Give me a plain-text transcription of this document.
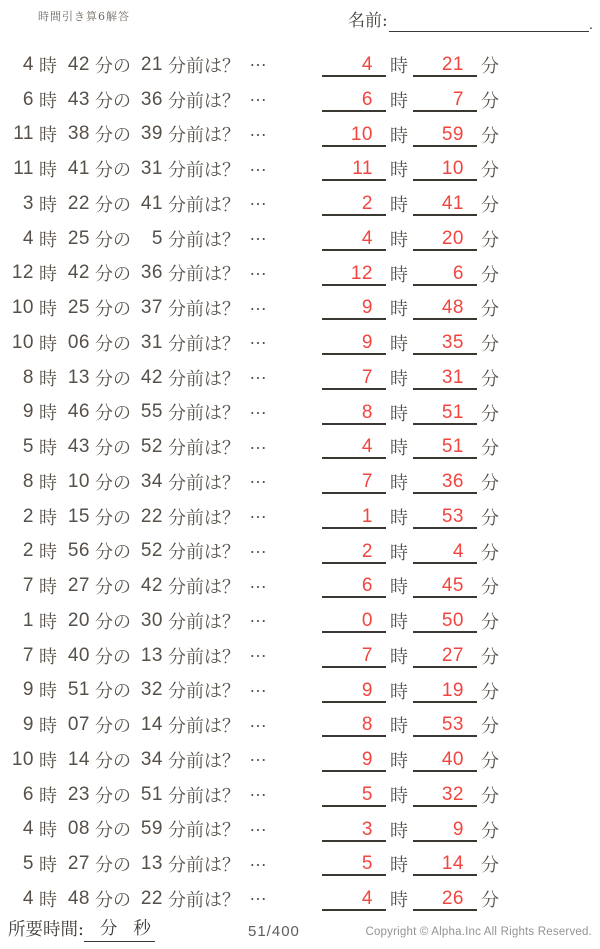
時間引き算6解答	名前:	.
4 時 42 分の 21 分前は？ …	4 時 21 分
6 時 43 分の 36 分前は？ …	6 時 7 分
11 時 38 分の 39 分前は？ …	10 時 59 分
11 時 41 分の 31 分前は？ …	11 時 10 分
3 時 22 分の 41 分前は？ …	2 時 41 分
4 時 25 分の	5 分前は？ …	4 時 20 分
12 時 42 分の 36 分前は？ …	12 時 6 分
10 時 25 分の 37 分前は？ …	9 時 48 分
10 時 06 分の 31 分前は？ …	9 時 35 分
8 時 13 分の 42 分前は？ …	7 時 31 分
9 時 46 分の 55 分前は？ …	8 時 51 分
5 時 43 分の 52 分前は？ …	4 時 51 分
8 時 10 分の 34 分前は？ …	7 時 36 分
2 時 15 分の 22 分前は？ …	1 時 53 分
2 時 56 分の 52 分前は？ …	2 時 4 分
7 時 27 分の 42 分前は？ …	6 時 45 分
1 時 20 分の 30 分前は？ …	0 時 50 分
7 時 40 分の 13 分前は？ …	7 時 27 分
9 時 51 分の 32 分前は？ …	9 時 19 分
9 時 07 分の 14 分前は？ …	8 時 53 分
10 時 14 分の 34 分前は？ …	9 時 40 分
6 時 23 分の 51 分前は？ …	5 時 32 分
4 時 08 分の 59 分前は？ …	3 時 9 分
5 時 27 分の 13 分前は？ …	5 時 14 分
4 時 48 分の 22 分前は？ …	4 時 26 分
所要時間: 分 秒	51/400	Copyright © Alpha.Inc All Rights Reserved.
